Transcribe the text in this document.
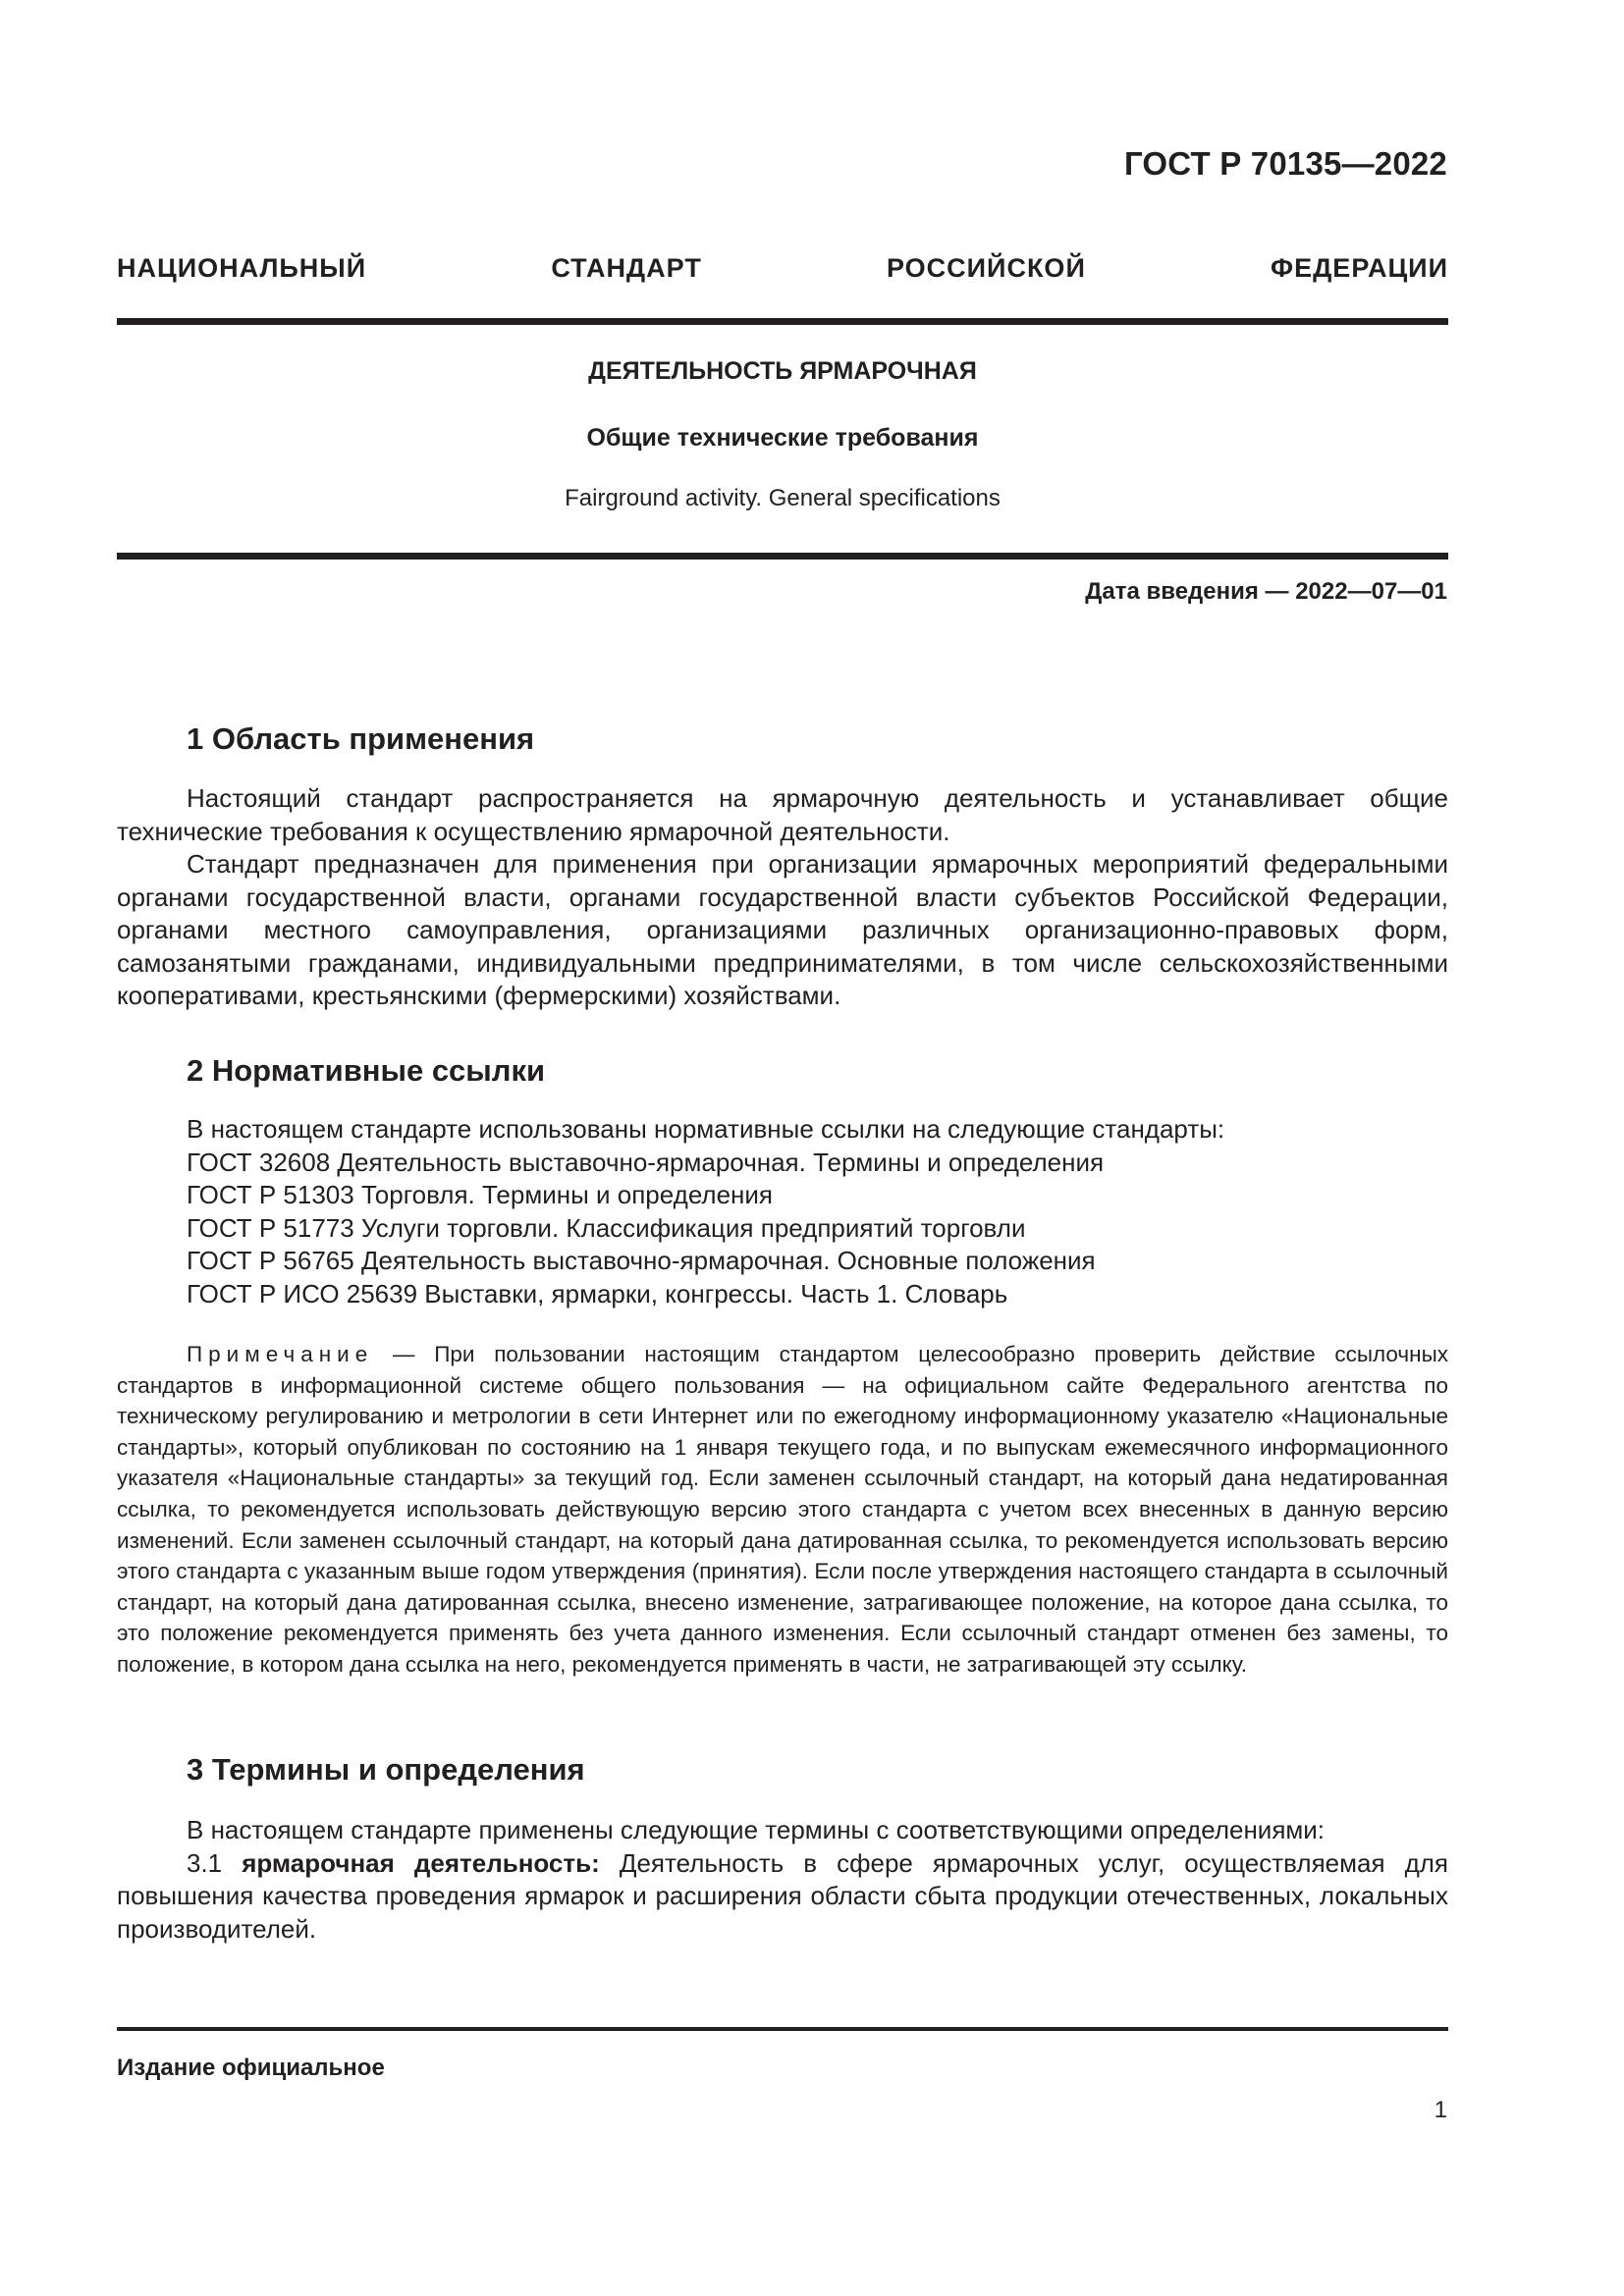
ГОСТ Р 70135—2022
НАЦИОНАЛЬНЫЙ СТАНДАРТ РОССИЙСКОЙ ФЕДЕРАЦИИ
ДЕЯТЕЛЬНОСТЬ ЯРМАРОЧНАЯ
Общие технические требования
Fairground activity. General specifications
Дата введения — 2022—07—01
1 Область применения

Настоящий стандарт распространяется на ярмарочную деятельность и устанавливает общие технические требования к осуществлению ярмарочной деятельности.

Стандарт предназначен для применения при организации ярмарочных мероприятий федеральными органами государственной власти, органами государственной власти субъектов Российской Федерации, органами местного самоуправления, организациями различных организационно-правовых форм, самозанятыми гражданами, индивидуальными предпринимателями, в том числе сельскохозяйственными кооперативами, крестьянскими (фермерскими) хозяйствами.

2 Нормативные ссылки

В настоящем стандарте использованы нормативные ссылки на следующие стандарты:

ГОСТ 32608 Деятельность выставочно-ярмарочная. Термины и определения

ГОСТ Р 51303 Торговля. Термины и определения

ГОСТ Р 51773 Услуги торговли. Классификация предприятий торговли

ГОСТ Р 56765 Деятельность выставочно-ярмарочная. Основные положения

ГОСТ Р ИСО 25639 Выставки, ярмарки, конгрессы. Часть 1. Словарь

Примечание — При пользовании настоящим стандартом целесообразно проверить действие ссылочных стандартов в информационной системе общего пользования — на официальном сайте Федерального агентства по техническому регулированию и метрологии в сети Интернет или по ежегодному информационному указателю «Национальные стандарты», который опубликован по состоянию на 1 января текущего года, и по выпускам ежемесячного информационного указателя «Национальные стандарты» за текущий год. Если заменен ссылочный стандарт, на который дана недатированная ссылка, то рекомендуется использовать действующую версию этого стандарта с учетом всех внесенных в данную версию изменений. Если заменен ссылочный стандарт, на который дана датированная ссылка, то рекомендуется использовать версию этого стандарта с указанным выше годом утверждения (принятия). Если после утверждения настоящего стандарта в ссылочный стандарт, на который дана датированная ссылка, внесено изменение, затрагивающее положение, на которое дана ссылка, то это положение рекомендуется применять без учета данного изменения. Если ссылочный стандарт отменен без замены, то положение, в котором дана ссылка на него, рекомендуется применять в части, не затрагивающей эту ссылку.

3 Термины и определения

В настоящем стандарте применены следующие термины с соответствующими определениями:

3.1 ярмарочная деятельность: Деятельность в сфере ярмарочных услуг, осуществляемая для повышения качества проведения ярмарок и расширения области сбыта продукции отечественных, локальных производителей.

Издание официальное
1
